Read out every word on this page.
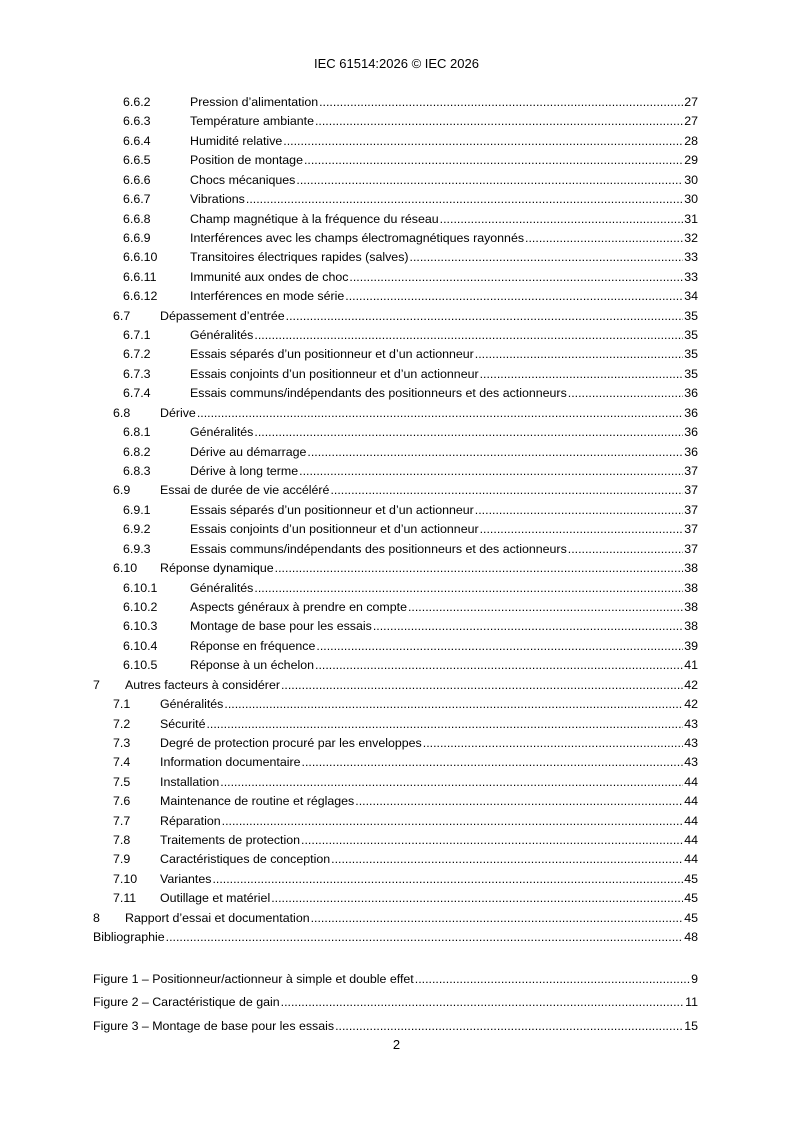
IEC 61514:2026 © IEC 2026
6.6.2	Pression d’alimentation .....	27
6.6.3	Température ambiante .....	27
6.6.4	Humidité relative .....	28
6.6.5	Position de montage .....	29
6.6.6	Chocs mécaniques .....	30
6.6.7	Vibrations .....	30
6.6.8	Champ magnétique à la fréquence du réseau .....	31
6.6.9	Interférences avec les champs électromagnétiques rayonnés .....	32
6.6.10	Transitoires électriques rapides (salves) .....	33
6.6.11	Immunité aux ondes de choc .....	33
6.6.12	Interférences en mode série .....	34
6.7	Dépassement d’entrée .....	35
6.7.1	Généralités .....	35
6.7.2	Essais séparés d’un positionneur et d’un actionneur .....	35
6.7.3	Essais conjoints d’un positionneur et d’un actionneur .....	35
6.7.4	Essais communs/indépendants des positionneurs et des actionneurs .....	36
6.8	Dérive .....	36
6.8.1	Généralités .....	36
6.8.2	Dérive au démarrage .....	36
6.8.3	Dérive à long terme .....	37
6.9	Essai de durée de vie accéléré .....	37
6.9.1	Essais séparés d’un positionneur et d’un actionneur .....	37
6.9.2	Essais conjoints d’un positionneur et d’un actionneur .....	37
6.9.3	Essais communs/indépendants des positionneurs et des actionneurs .....	37
6.10	Réponse dynamique .....	38
6.10.1	Généralités .....	38
6.10.2	Aspects généraux à prendre en compte .....	38
6.10.3	Montage de base pour les essais .....	38
6.10.4	Réponse en fréquence .....	39
6.10.5	Réponse à un échelon .....	41
7	Autres facteurs à considérer .....	42
7.1	Généralités .....	42
7.2	Sécurité .....	43
7.3	Degré de protection procuré par les enveloppes .....	43
7.4	Information documentaire .....	43
7.5	Installation .....	44
7.6	Maintenance de routine et réglages .....	44
7.7	Réparation .....	44
7.8	Traitements de protection .....	44
7.9	Caractéristiques de conception .....	44
7.10	Variantes .....	45
7.11	Outillage et matériel .....	45
8	Rapport d’essai et documentation .....	45
Bibliographie .....	48
Figure 1 – Positionneur/actionneur à simple et double effet .....	9
Figure 2 – Caractéristique de gain .....	11
Figure 3 – Montage de base pour les essais .....	15
2
